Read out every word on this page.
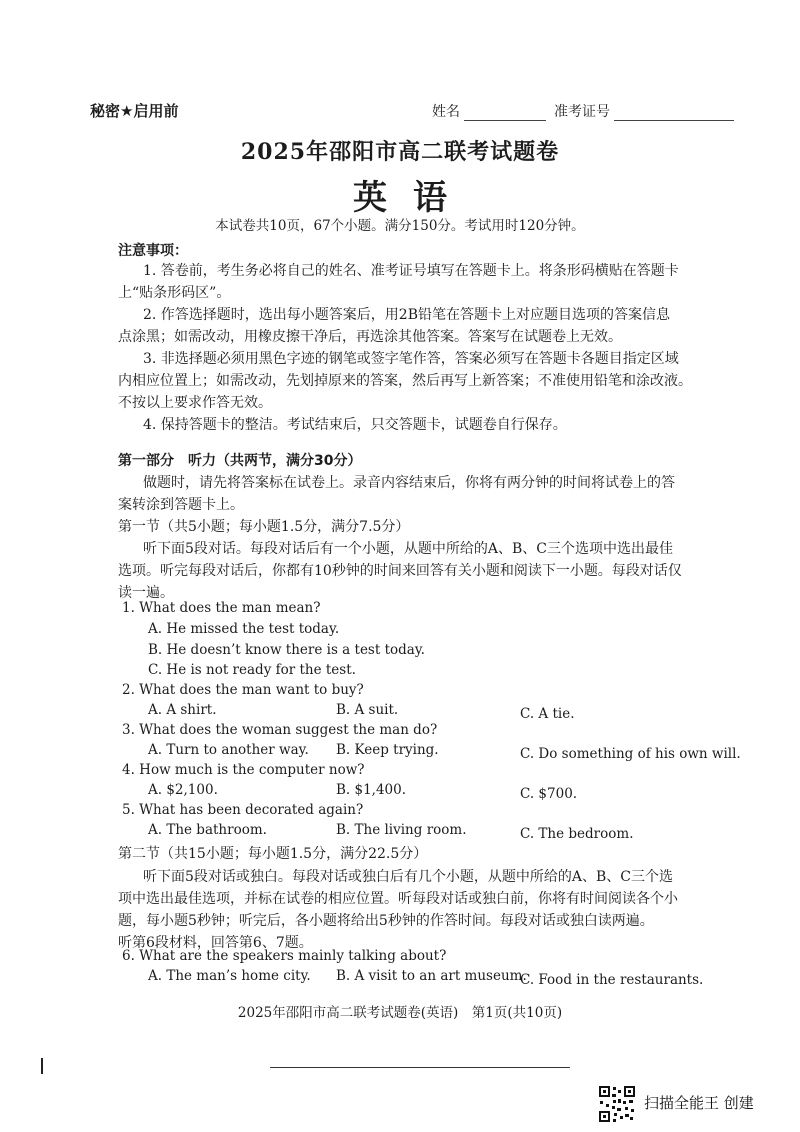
秘密★启用前	姓名	准考证号
2025年邵阳市高二联考试题卷
英语
本试卷共10页，67个小题。满分150分。考试用时120分钟。
注意事项：
1. 答卷前，考生务必将自己的姓名、准考证号填写在答题卡上。将条形码横贴在答题卡
上“贴条形码区”。
2. 作答选择题时，选出每小题答案后，用2B铅笔在答题卡上对应题目选项的答案信息
点涂黑；如需改动，用橡皮擦干净后，再选涂其他答案。答案写在试题卷上无效。
3. 非选择题必须用黑色字迹的钢笔或签字笔作答，答案必须写在答题卡各题目指定区域
内相应位置上；如需改动，先划掉原来的答案，然后再写上新答案；不准使用铅笔和涂改液。
不按以上要求作答无效。
4. 保持答题卡的整洁。考试结束后，只交答题卡，试题卷自行保存。
第一部分　听力（共两节，满分30分）
做题时，请先将答案标在试卷上。录音内容结束后，你将有两分钟的时间将试卷上的答
案转涂到答题卡上。
第一节（共5小题；每小题1.5分，满分7.5分）
听下面5段对话。每段对话后有一个小题，从题中所给的A、B、C三个选项中选出最佳
选项。听完每段对话后，你都有10秒钟的时间来回答有关小题和阅读下一小题。每段对话仅
读一遍。
1. What does the man mean?
A. He missed the test today.
B. He doesn’t know there is a test today.
C. He is not ready for the test.
2. What does the man want to buy?
A. A shirt.	B. A suit.	C. A tie.
3. What does the woman suggest the man do?
A. Turn to another way. B. Keep trying.	C. Do something of his own will.
4. How much is the computer now?
A. $2,100.	B. $1,400.	C. $700.
5. What has been decorated again?
A. The bathroom.	B. The living room.	C. The bedroom.
第二节（共15小题；每小题1.5分，满分22.5分）
听下面5段对话或独白。每段对话或独白后有几个小题，从题中所给的A、B、C三个选
项中选出最佳选项，并标在试卷的相应位置。听每段对话或独白前，你将有时间阅读各个小
题，每小题5秒钟；听完后，各小题将给出5秒钟的作答时间。每段对话或独白读两遍。
听第6段材料，回答第6、7题。
6. What are the speakers mainly talking about?
A. The man’s home city. B. A visit to an art museum.
C. Food in the restaurants.
2025年邵阳市高二联考试题卷(英语)　第1页(共10页)
扫描全能王 创建
